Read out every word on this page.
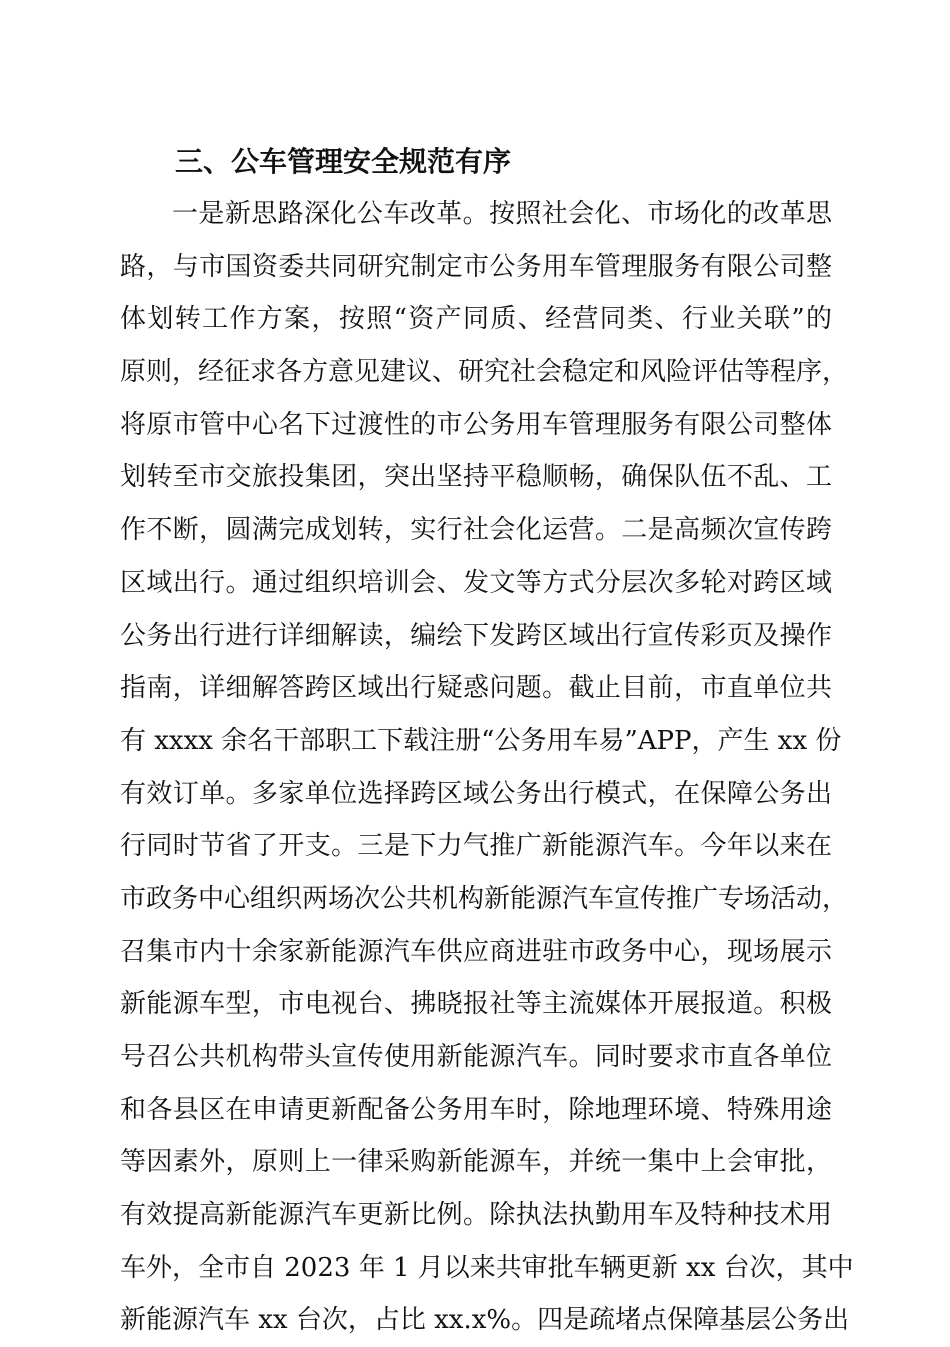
三、公车管理安全规范有序
一是新思路深化公车改革。按照社会化、市场化的改革思
路，与市国资委共同研究制定市公务用车管理服务有限公司整
体划转工作方案，按照“资产同质、经营同类、行业关联”的
原则，经征求各方意见建议、研究社会稳定和风险评估等程序，
将原市管中心名下过渡性的市公务用车管理服务有限公司整体
划转至市交旅投集团，突出坚持平稳顺畅，确保队伍不乱、工
作不断，圆满完成划转，实行社会化运营。二是高频次宣传跨
区域出行。通过组织培训会、发文等方式分层次多轮对跨区域
公务出行进行详细解读，编绘下发跨区域出行宣传彩页及操作
指南，详细解答跨区域出行疑惑问题。截止目前，市直单位共
有 xxxx 余名干部职工下载注册“公务用车易”APP，产生 xx 份
有效订单。多家单位选择跨区域公务出行模式，在保障公务出
行同时节省了开支。三是下力气推广新能源汽车。今年以来在
市政务中心组织两场次公共机构新能源汽车宣传推广专场活动，
召集市内十余家新能源汽车供应商进驻市政务中心，现场展示
新能源车型，市电视台、拂晓报社等主流媒体开展报道。积极
号召公共机构带头宣传使用新能源汽车。同时要求市直各单位
和各县区在申请更新配备公务用车时，除地理环境、特殊用途
等因素外，原则上一律采购新能源车，并统一集中上会审批，
有效提高新能源汽车更新比例。除执法执勤用车及特种技术用
车外，全市自 2023 年 1 月以来共审批车辆更新 xx 台次，其中
新能源汽车 xx 台次，占比 xx.x%。四是疏堵点保障基层公务出
